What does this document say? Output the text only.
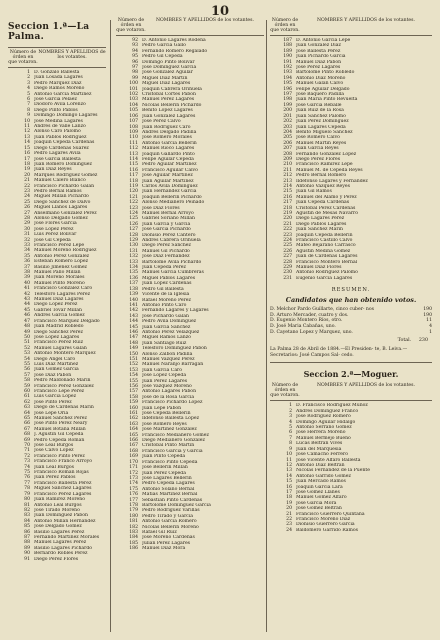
10
Seccion 1.ª—La Palma.
Número de órden en que votaron.
NOMBRES Y APELLIDOS de los votantes.
1 D. Gonzalo Ballesta
2 Juan Losada Lagares
3 Pedro Marquez Diaz
4 Diego Ramos Moreno
5 Antonio García Martínez
6 José Garcia Pelaez
7 Diodoro Avila Lorenzo
8 Diego Pinto Pablos
9 Domingo Domingo Lagares
10 José Medina Lagares
11 Andrés de Valle Lanzo
12 Alonso Caro Palomo
13 Juan Pablos Rodriguez
14 Joaquin Cepeda Cárdenas
15 Diego Cárdenas Suarez
16 Pedro Lagares Avila
17 José García Ballesta
18 Juan Romero Domínguez
19 Juan Diaz Reyes
20 Marques Rodriguez Gomez
21 Manuel Calero Blanco
22 Francisco Pichardo Galan
23 Pedro Bernal Ramos
24 Miguel Millan Pichardo
25 Diego Sanchez de Dalvo
26 Miguel Llanos Lagares
27 Anselmano Gonzalez Perez
28 Alonso Delgado Gomez
29 José Flores García
30 José Lopez Perez
31 Luis Pérez Bolivar
32 José Gil Cepeda
33 Francisco Perez Lepe
34 Manuel Moreno Rodriguez
35 Antonio Perez Gonzalez
36 Esteban Romero López
37 Basilio Jimenez Gomez
38 Manuel Pallo Millan
39 Juan Moreno Morales
40 Manuel Pinto Moreno
41 Francisco González Caro
42 Telésforo Lagares Perez
43 Manuel Diaz Lagares
44 Diego Lopez Perez
45 Gabriel Tovar Millan
46 Andrés García Gomez
47 Francisco Marquez Delgado
48 Juan Madrid Robledo
49 Diego Sanchez Perez
50 José Lopez Lagares
51 Francisco Perez Ruiz
52 Manuel Lagares Galan
53 Antonio Montero Marquez
54 Diego Angel Caro
55 Luis Diaz Martinez
56 Juan Gomez Garcia
57 José Diaz Pabon
58 Pedro Maldonado Marin
59 Francisco Perez Gonzalez
60 Francisco Lepe Perez
61 Luis García López
62 José Pinto Perez
63 Diego de Cárdenas Marin
64 José Lepe Oria
65 Manuel Sanchez Perez
66 José Pinto Perez Neary
67 Manuel Botana Millan
68 J. Agustin Gil Cepeda
69 Pedro Cepeda Roman
70 José Leal Burgos
71 José Calvo Lopez
72 Francisco Pinto Perez
73 Francisco Franco Arroyo
74 Juan Leal Burgos
75 Francisco Roman Rojas
76 Juan Perez Pablos
77 Francisco Ballesta Perez
78 Miguel Sanchez Lagares
79 Francisco Perez Lagares
80 Juan Ramirez Moreno
81 Antonio Leal Burgos
82 José Tirado Moreno
83 Juan Dominguez Pabon
84 Antonio Millan Hernandez
85 José Delgado Gomez
86 Basilio Lagares Perez
87 Fernando Martinez Morales
88 Manuel Lagares Perez
89 Basilio Lagares Pichardo
90 Bernardo Robles Perez
91 Diego Perez Flores
Número de órden en que votaron.
NOMBRES Y APELLIDOS de los votantes.
92 D. Antonio Lagares Rodena
93 Pedro García Gallo
94 Fernando Romero Regalado
95 Pedro Gil Cepeda
96 Domingo Pinto Bolivar
97 José Dominguez García
98 José Gonzalez Aguilar
99 Miguel Diaz Martin
100 Miguel Diaz Lagares
101 Joaquin Cabrera Orihuela
102 Cristóbal Cortes Pabon
103 Manuel Perez Lagares
104 Nicolás Bellerin Pichardo
105 Benito López Lagares
106 Juan Gonzalez Lagares
107 José Perez Calvo
108 Juan Rodriguez Caro
109 Andrés Delgado Padilla
110 José Romero Morales
111 Antonio García Bellerin
112 Manuel Rioco Lagares
113 Joaquin Gallardo Pinto
114 Felipe Aguilar Cepeda
115 Pedro Aguilar Martinez
116 Francisco Aguilar Calvo
117 José Aguilar Martinez
118 Juan Aguilar Martinez
119 Carlos Avila Dominguez
120 Juan Hernandez García
121 Joaquin Bellerin Pichardo
122 Alonso Medianero Peinado
123 José Diaz Flores
124 Manuel Bernal Arroyo
125 Gabriel Soriano Millan
126 Juan Garcia y Garcia
127 José García Pichardo
128 Dionisio Perez Cantero
129 Andrés Cabrera Orihuela
130 Diego Perez Sanchez
131 Manuel Gil Pichardo
132 José Diaz Fernandez
133 Bartolomé Avila Pichardo
134 Juan Cepeda Perez
135 Manuel Garcia Cumbreras
136 Miguel Pablos Lagares
137 Juan Lopez Cárdenas
138 Pedro Gil Ballesta
139 Vicente de la Iglesia
140 Rafael Moreno Perez
141 Antonio Pinto Caro
142 Fernando Lagares y Lagares
143 José Pichardo Galan
144 Pedro Avila Dominguez
145 Juan García Sanchez
146 Antonio Perez Velazquez
147 Miguel Ramos Lanzo
148 Juan Santiago Ruiz
149 Telésforo Dominguez Pabon
150 Alonso Zalbon Padilla
151 Manuel Vazquez Perez
152 Manuel Naranjo Barragan
153 Juan García Caro
154 José López Cepeda
155 Juan Perez Lagares
156 José Vazquez Moreno
157 Antonio Lagares Pabon
158 José de la Rosa García
159 Francisco Pichardo Lopez
160 Juan Lepe Pabon
161 José Cepeda Bellerin
162 Ildefonso Ballesta Lopez
163 José Romero Reyes
164 José Martínez Gonzalez
165 Francisco Medianero Gomez
166 Diego Medianero Gonzalez
167 Cristóbal Pinto Martin
168 Francisco García y García
169 Juan Pinto Cepeda
170 Francisco Pinto Cepeda
171 José Bellerin Millan
172 Juan Perez Cepeda
173 José Lagares Bellerin
174 Pedro Cepeda Lagares
175 Antonio Solano Bernal
176 Matías Martinez Bernal
177 Sebastian Pinto Cárdenas
178 Bartolomé Dominguez García
179 Pedro Rodríguez Varillas
180 Pedro Tirado y García
181 Antonio García Romero
182 Nicolás Bellerin Moreno
183 Rafael Gil Ruiz
184 José Moreno Cárdenas
185 Julian Perez Lagares
186 Manuel Diaz Mora
Número de órden en que votaron.
NOMBRES Y APELLIDOS de los votantes.
187 D. Antonio García Lepe
188 Juan González Diaz
189 José Ballesta Perez
190 Juan Pichardo García
191 Manuel Diaz Pabon
192 José Perez Lagares
193 Bartolomé Pinto Robledo
194 Antonio Diaz Moreno
195 Manuel Galan Calvo
196 Felipe Aguilar Delgado
197 José Baquero Padilla
198 Juan María Pinto Revuelta
199 José Garcia Reballe
200 Juan Ruiz de la Rosa
201 Juan Sanchez Palomo
202 Juan Perez Dominguez
203 Juan Lagares Cepeda
204 Benito Miguelo Sanchez
205 José Romero Calvo
206 Manuel Martin Reyes
207 Juan García Reyes
208 Fernando Gonzalez Lopez
209 Diego Perez Flores
210 Francisco Ramirez Lepe
211 Manuel M. de Cepeda Reyes
212 Pedro Bernal Romero
213 Ildefonso Lagares y Fernandez
214 Antonio Vazquez Reyes
215 Juan Gil Ramos
216 Manuel del Álamo y Perez
217 Juan Cepeda Cárdenas
218 Cristóbal Pérez Cárdenas
219 Agustin de Mesas Navarro
220 Diego Lagares Perez
221 Diego Pablos Lagares
222 Juan Sanchez Marin
223 Joaquin Cepeda Bellerin
224 Francisco Castillo Calvo
225 Mateo Bejarano Carrasco
226 Agustin Medina Gomez
227 Juan de Cárdenas Lagares
228 Francisco Montero Bernal
229 Manuel Diaz Flores
230 Antonio Rodriguez Palomo
231 Eugenio García Lagares
RESUMEN.
Candidatos que han obtenido votos.
D. Melchor Pardo Guillarte, cinco cuber- nos	190
D. Arturo Mercader, cuatro y dos.	190
D. Eugenio Montero Ríos, otro.	11
D. José Maria Cabañas, uno.	4
D. Cayetano Lopez y Marquez, uno.	1
Total. 230
La Palma 28 de Abril de 1884.—El Presiden- te, B. Leiva.—Secretarios: José Campos Sal- cedo.
Seccion 2.ª—Moguer.
Número de órden en que votaron.
NOMBRES Y APELLIDOS de los votantes.
1 D. Francisco Rodriguez Muñoz
2 Andrés Dominguez Franco
3 José Rodriguez Romero
4 Domingo Aguilar Hidalgo
5 Antonio Serrano Gomez
6 José Herrera Moreno
7 Manuel Bermejo Bueno
8 Lucas Beltrán Vives
9 Juan del Marquesía
10 José Camacho Ferrero
11 José Vicente Alfaro Ballesta
12 Antonio Diaz Beltran
13 Nicolás Fernandez de la Puente
14 Antonio Garrido Gomez
15 Juan Mercado Ramos
16 Joaquin García Lara
17 José Gomez Llanes
18 Manuel Gomez Alfaro
19 José García Mora
20 José Gomez Beltran
21 Francisco Guerrero Quintana
22 Francisco Moreno Díaz
23 Dionisio Guerrero García
24 Baldomero Garrido Ramos
